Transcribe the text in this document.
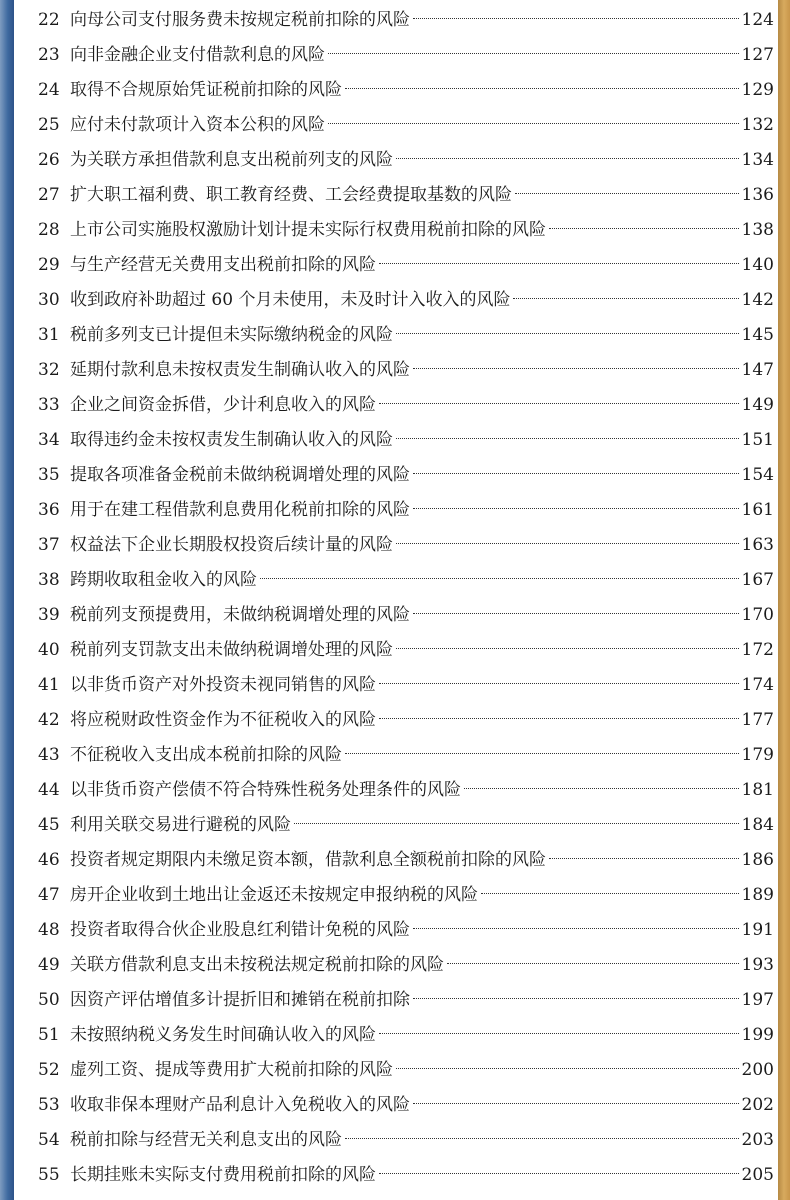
22 向母公司支付服务费未按规定税前扣除的风险	124
23 向非金融企业支付借款利息的风险	127
24 取得不合规原始凭证税前扣除的风险	129
25 应付未付款项计入资本公积的风险	132
26 为关联方承担借款利息支出税前列支的风险	134
27 扩大职工福利费、职工教育经费、工会经费提取基数的风险	136
28 上市公司实施股权激励计划计提未实际行权费用税前扣除的风险	138
29 与生产经营无关费用支出税前扣除的风险	140
30 收到政府补助超过 60 个月未使用，未及时计入收入的风险	142
31 税前多列支已计提但未实际缴纳税金的风险	145
32 延期付款利息未按权责发生制确认收入的风险	147
33 企业之间资金拆借，少计利息收入的风险	149
34 取得违约金未按权责发生制确认收入的风险	151
35 提取各项准备金税前未做纳税调增处理的风险	154
36 用于在建工程借款利息费用化税前扣除的风险	161
37 权益法下企业长期股权投资后续计量的风险	163
38 跨期收取租金收入的风险	167
39 税前列支预提费用，未做纳税调增处理的风险	170
40 税前列支罚款支出未做纳税调增处理的风险	172
41 以非货币资产对外投资未视同销售的风险	174
42 将应税财政性资金作为不征税收入的风险	177
43 不征税收入支出成本税前扣除的风险	179
44 以非货币资产偿债不符合特殊性税务处理条件的风险	181
45 利用关联交易进行避税的风险	184
46 投资者规定期限内未缴足资本额，借款利息全额税前扣除的风险	186
47 房开企业收到土地出让金返还未按规定申报纳税的风险	189
48 投资者取得合伙企业股息红利错计免税的风险	191
49 关联方借款利息支出未按税法规定税前扣除的风险	193
50 因资产评估增值多计提折旧和摊销在税前扣除	197
51 未按照纳税义务发生时间确认收入的风险	199
52 虚列工资、提成等费用扩大税前扣除的风险	200
53 收取非保本理财产品利息计入免税收入的风险	202
54 税前扣除与经营无关利息支出的风险	203
55 长期挂账未实际支付费用税前扣除的风险	205
